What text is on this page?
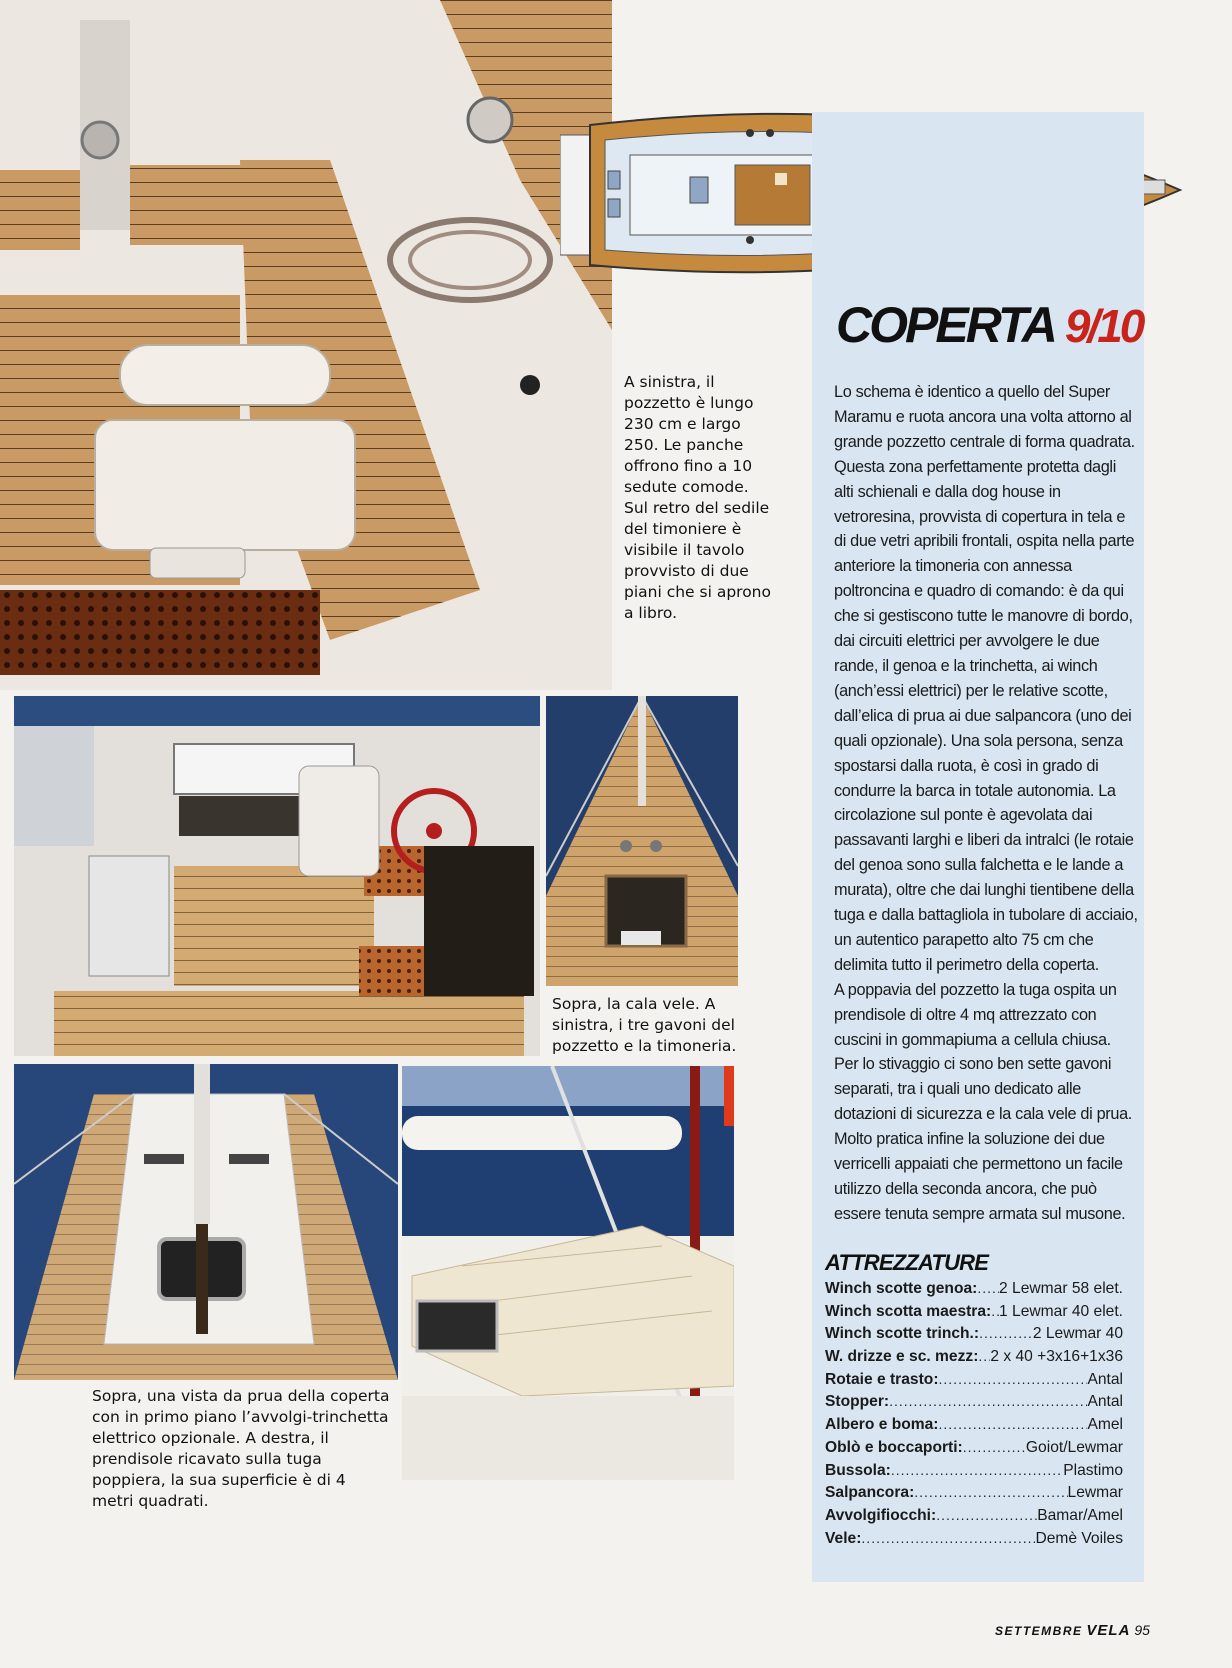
A sinistra, il pozzetto è lungo 230 cm e largo 250. Le panche offrono fino a 10 sedute comode. Sul retro del sedile del timoniere è visibile il tavolo provvisto di due piani che si aprono a libro.
Sopra, la cala vele. A sinistra, i tre gavoni del pozzetto e la timoneria.
Sopra, una vista da prua della coperta con in primo piano l’avvolgi-trinchetta elettrico opzionale. A destra, il prendisole ricavato sulla tuga poppiera, la sua superficie è di 4 metri quadrati.
COPERTA 9/10

Lo schema è identico a quello del Super Maramu e ruota ancora una volta attorno al grande pozzetto centrale di forma quadrata. Questa zona perfettamente protetta dagli alti schienali e dalla dog house in vetroresina, provvista di copertura in tela e di due vetri apribili frontali, ospita nella parte anteriore la timoneria con annessa poltroncina e quadro di comando: è da qui che si gestiscono tutte le manovre di bordo, dai circuiti elettrici per avvolgere le due rande, il genoa e la trinchetta, ai winch (anch’essi elettrici) per le relative scotte, dall’elica di prua ai due salpancora (uno dei quali opzionale). Una sola persona, senza spostarsi dalla ruota, è così in grado di condurre la barca in totale autonomia. La circolazione sul ponte è agevolata dai passavanti larghi e liberi da intralci (le rotaie del genoa sono sulla falchetta e le lande a murata), oltre che dai lunghi tientibene della tuga e dalla battagliola in tubolare di acciaio, un autentico parapetto alto 75 cm che delimita tutto il perimetro della coperta.

A poppavia del pozzetto la tuga ospita un prendisole di oltre 4 mq attrezzato con cuscini in gommapiuma a cellula chiusa. Per lo stivaggio ci sono ben sette gavoni separati, tra i quali uno dedicato alle dotazioni di sicurezza e la cala vele di prua. Molto pratica infine la soluzione dei due verricelli appaiati che permettono un facile utilizzo della seconda ancora, che può essere tenuta sempre armata sul musone.

ATTREZZATURE
Winch scotte genoa: ..... 2 Lewmar 58 elet.
Winch scotta maestra: ..... 1 Lewmar 40 elet.
Winch scotte trinch.: .....	2 Lewmar 40
W. drizze e sc. mezz: ..... 2 x 40 +3x16+1x36
Rotaie e trasto: .....	Antal
Stopper: .....	Antal
Albero e boma: .....	Amel
Oblò e boccaporti: .....	Goiot/Lewmar
Bussola: .....	Plastimo
Salpancora: .....	Lewmar
Avvolgifiocchi: .....	Bamar/Amel
Vele: .....	Demè Voiles
SETTEMBRE VELA 95
